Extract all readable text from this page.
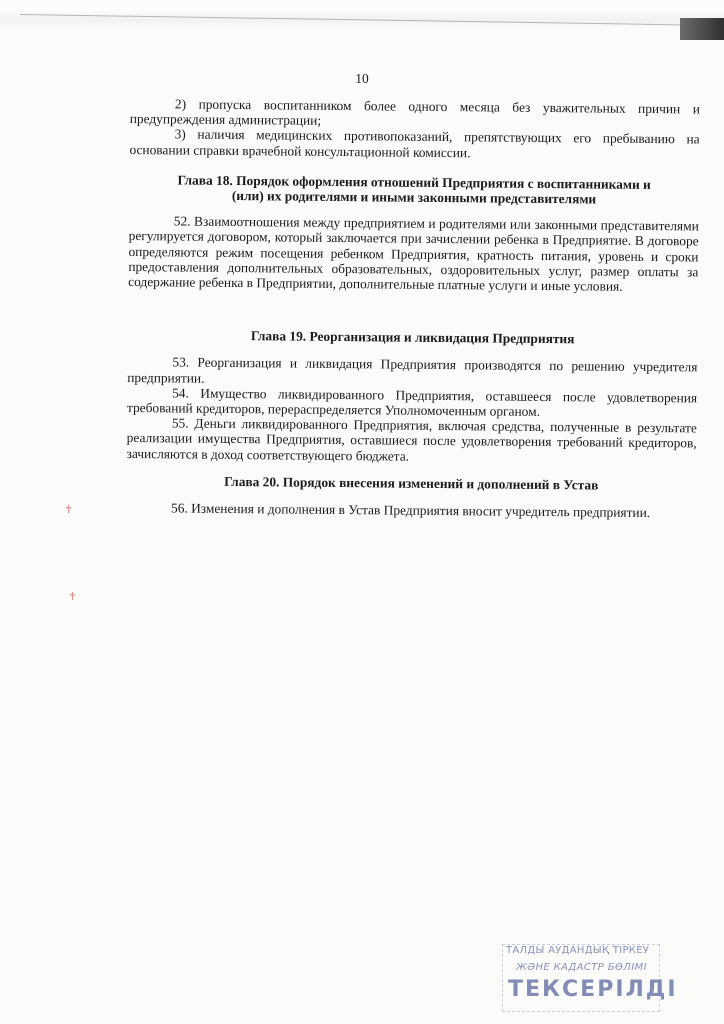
10

2) пропуска воспитанником более одного месяца без уважительных причин и предупреждения администрации;

3) наличия медицинских противопоказаний, препятствующих его пребыванию на основании справки врачебной консультационной комиссии.

Глава 18. Порядок оформления отношений Предприятия с воспитанниками и

(или) их родителями и иными законными представителями

52. Взаимоотношения между предприятием и родителями или законными представителями регулируется договором, который заключается при зачислении ребенка в Предприятие. В договоре определяются режим посещения ребенком Предприятия, кратность питания, уровень и сроки предоставления дополнительных образовательных, оздоровительных услуг, размер оплаты за содержание ребенка в Предприятии, дополнительные платные услуги и иные условия.

Глава 19. Реорганизация и ликвидация Предприятия

53. Реорганизация и ликвидация Предприятия производятся по решению учредителя предприятии.

54. Имущество ликвидированного Предприятия, оставшееся после удовлетворения требований кредиторов, перераспределяется Уполномоченным органом.

55. Деньги ликвидированного Предприятия, включая средства, полученные в результате реализации имущества Предприятия, оставшиеся после удовлетворения требований кредиторов, зачисляются в доход соответствующего бюджета.

Глава 20. Порядок внесения изменений и дополнений в Устав

56. Изменения и дополнения в Устав Предприятия вносит учредитель предприятии.

✝
✝
ТАЛДЫ АУДАНДЫҚ ТІРКЕУ
ЖӘНЕ КАДАСТР БӨЛІМІ
ТЕКСЕРІЛДІ
